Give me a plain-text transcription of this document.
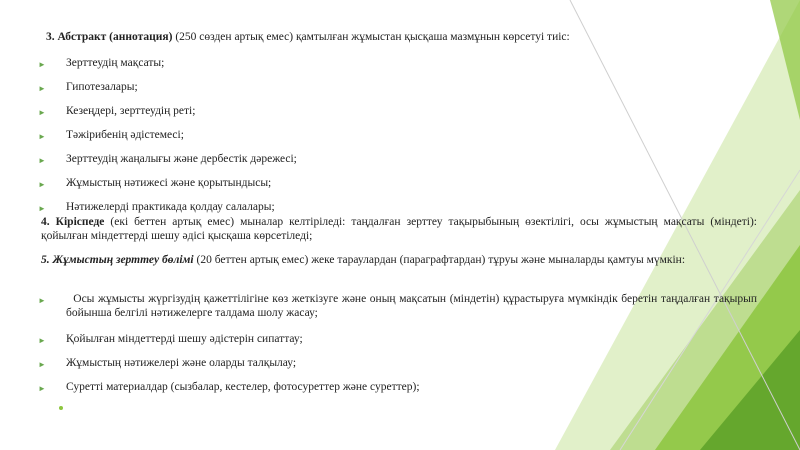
3. Абстракт (аннотация) (250 сөзден артық емес) қамтылған жұмыстан қысқаша мазмұнын көрсетуі тиіс:
► Зерттеудің мақсаты;
► Гипотезалары;
► Кезеңдері, зерттеудің реті;
► Тәжірибенің әдістемесі;
► Зерттеудің жаңалығы және дербестік дәрежесі;
► Жұмыстың нәтижесі және қорытындысы;
► Нәтижелерді практикада қолдау салалары;
4. Кіріспеде (екі беттен артық емес) мыналар келтіріледі: таңдалған зерттеу тақырыбының өзектілігі, осы жұмыстың мақсаты (міндеті): қойылған міндеттерді шешу әдісі қысқаша көрсетіледі;
5. Жұмыстың зерттеу бөлімі (20 беттен артық емес) жеке тараулардан (параграфтардан) тұруы және мыналарды қамтуы мүмкін:
► Осы жұмысты жүргізудің қажеттілігіне көз жеткізуге және оның мақсатын (міндетін) құрастыруға мүмкіндік беретін таңдалған тақырып бойынша белгілі нәтижелерге талдама шолу жасау;
► Қойылған міндеттерді шешу әдістерін сипаттау;
► Жұмыстың нәтижелері және оларды талқылау;
► Суретті материалдар (сызбалар, кестелер, фотосуреттер және суреттер);
